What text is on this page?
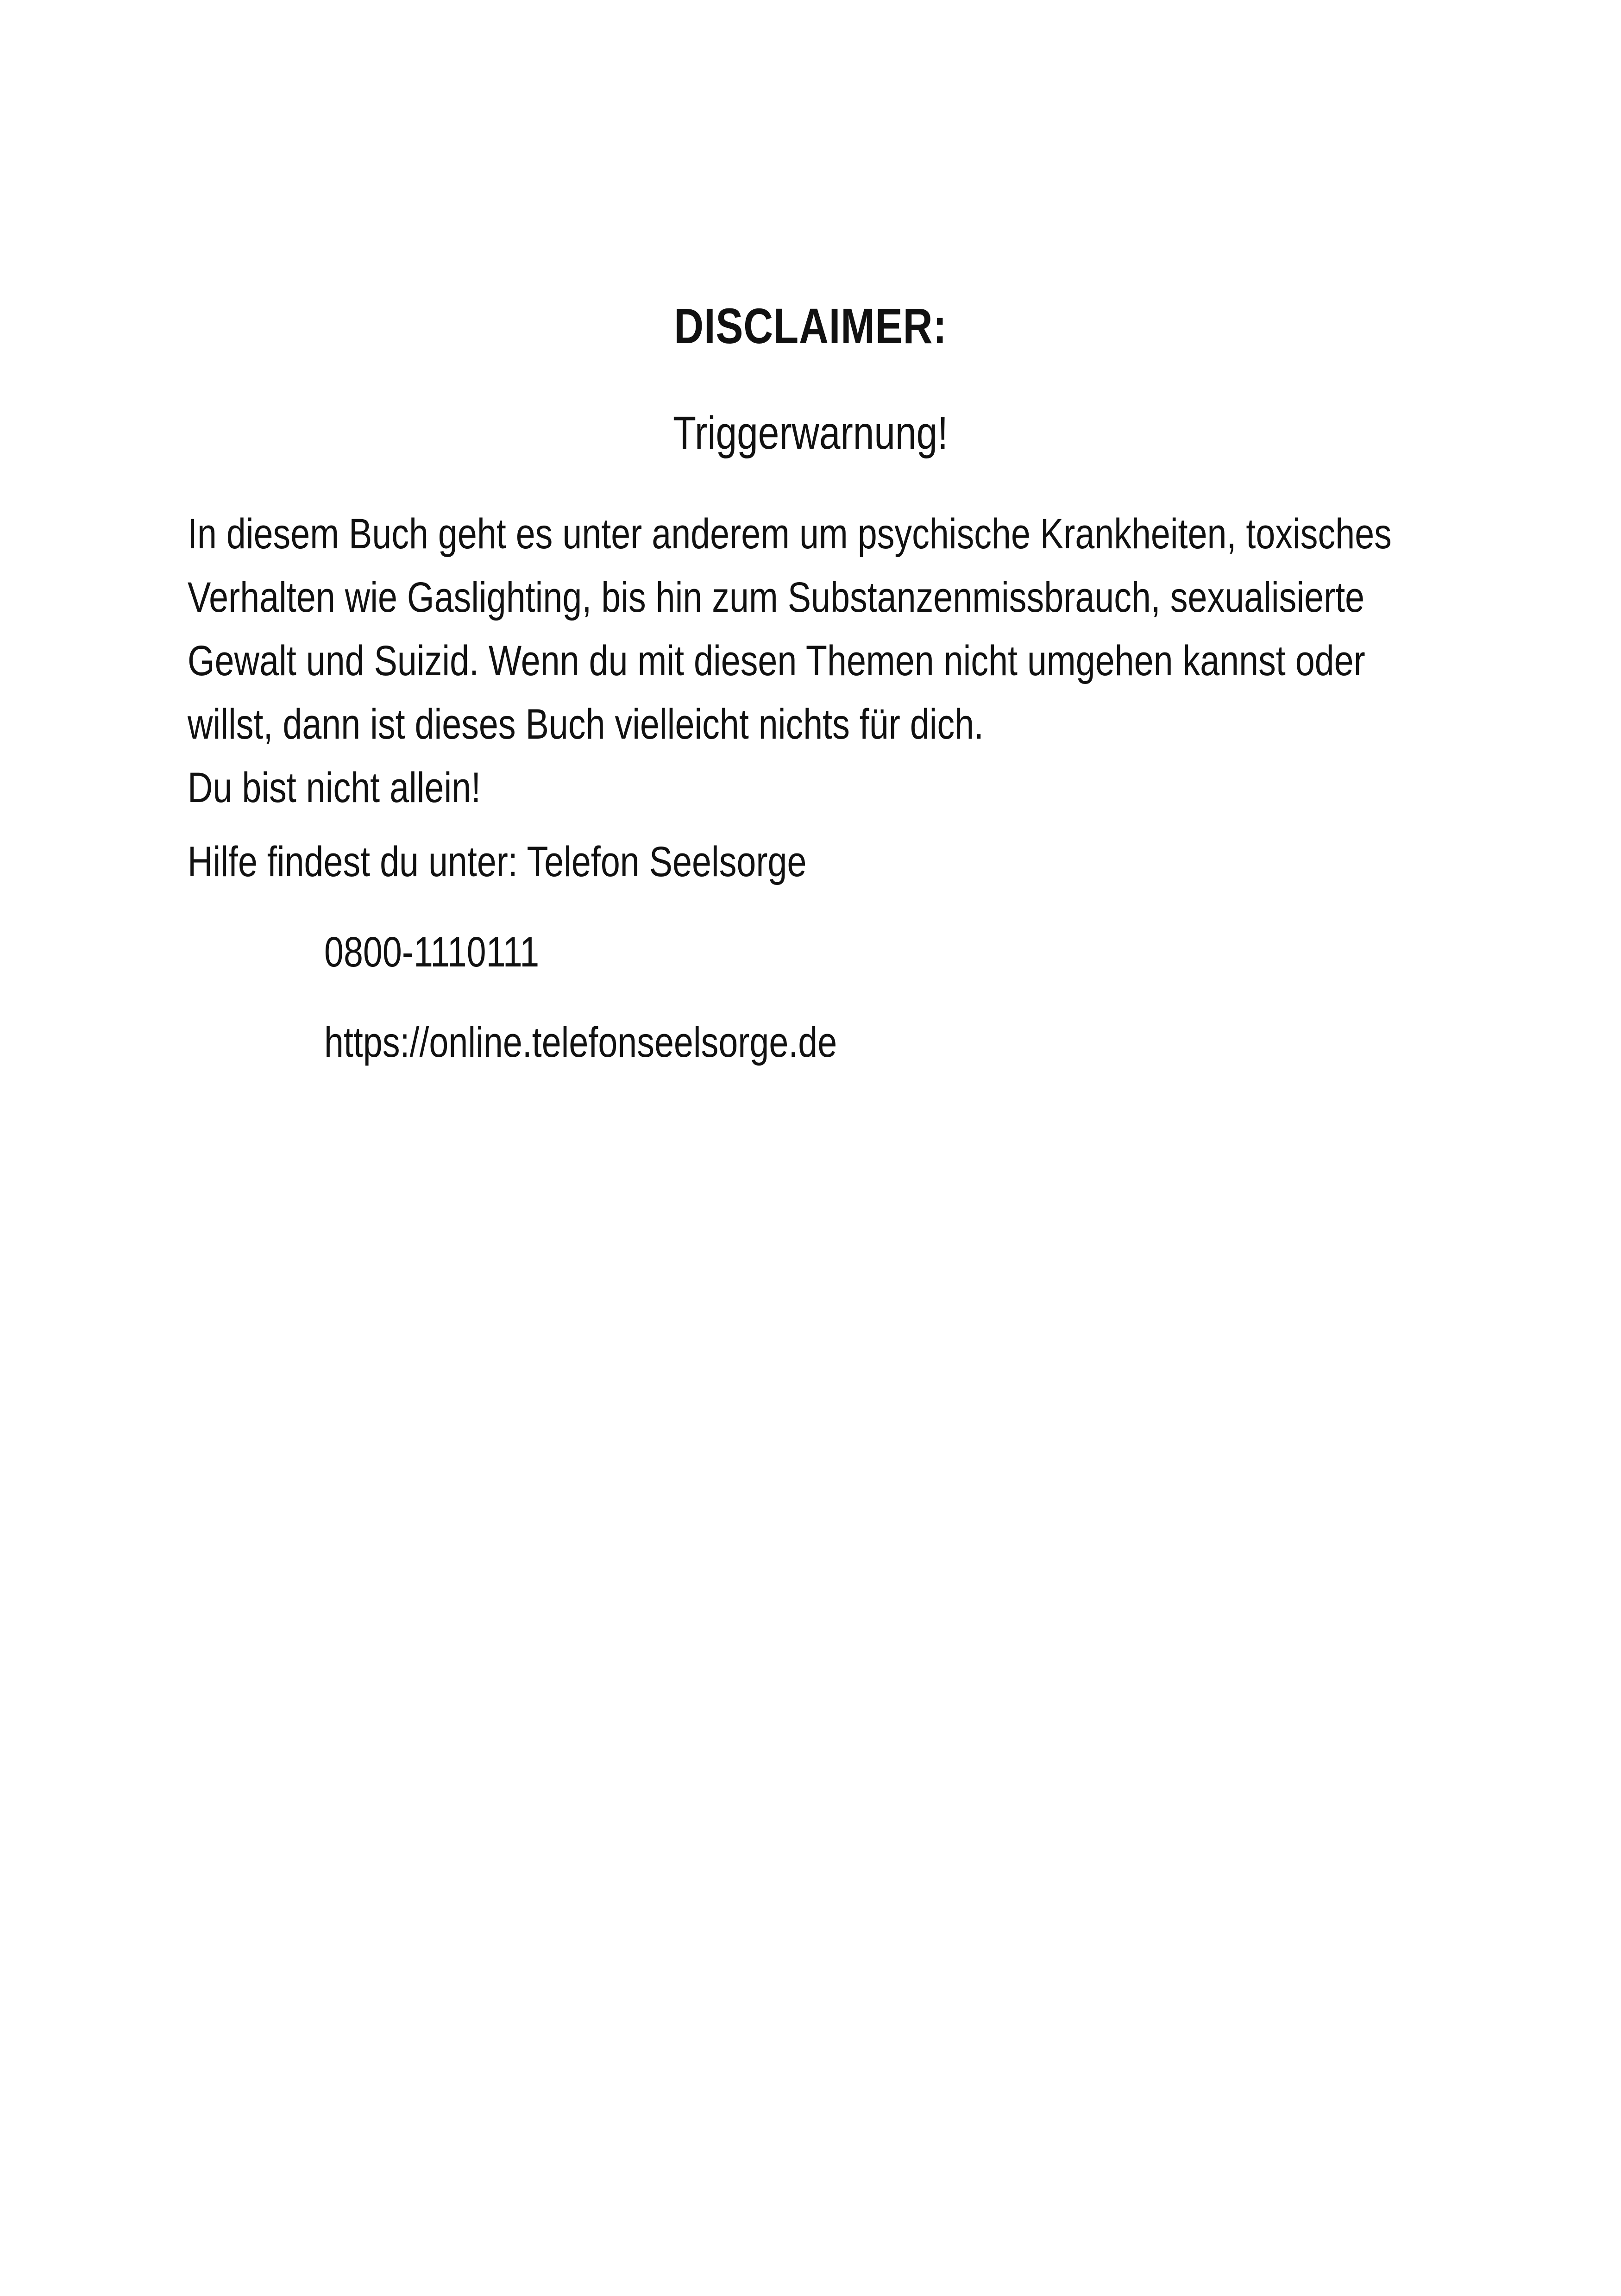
DISCLAIMER:
Triggerwarnung!
In diesem Buch geht es unter anderem um psychische Krankheiten, toxisches
Verhalten wie Gaslighting, bis hin zum Substanzenmissbrauch, sexualisierte
Gewalt und Suizid. Wenn du mit diesen Themen nicht umgehen kannst oder
willst, dann ist dieses Buch vielleicht nichts für dich.
Du bist nicht allein!
Hilfe findest du unter: Telefon Seelsorge
0800-1110111
https://online.telefonseelsorge.de
